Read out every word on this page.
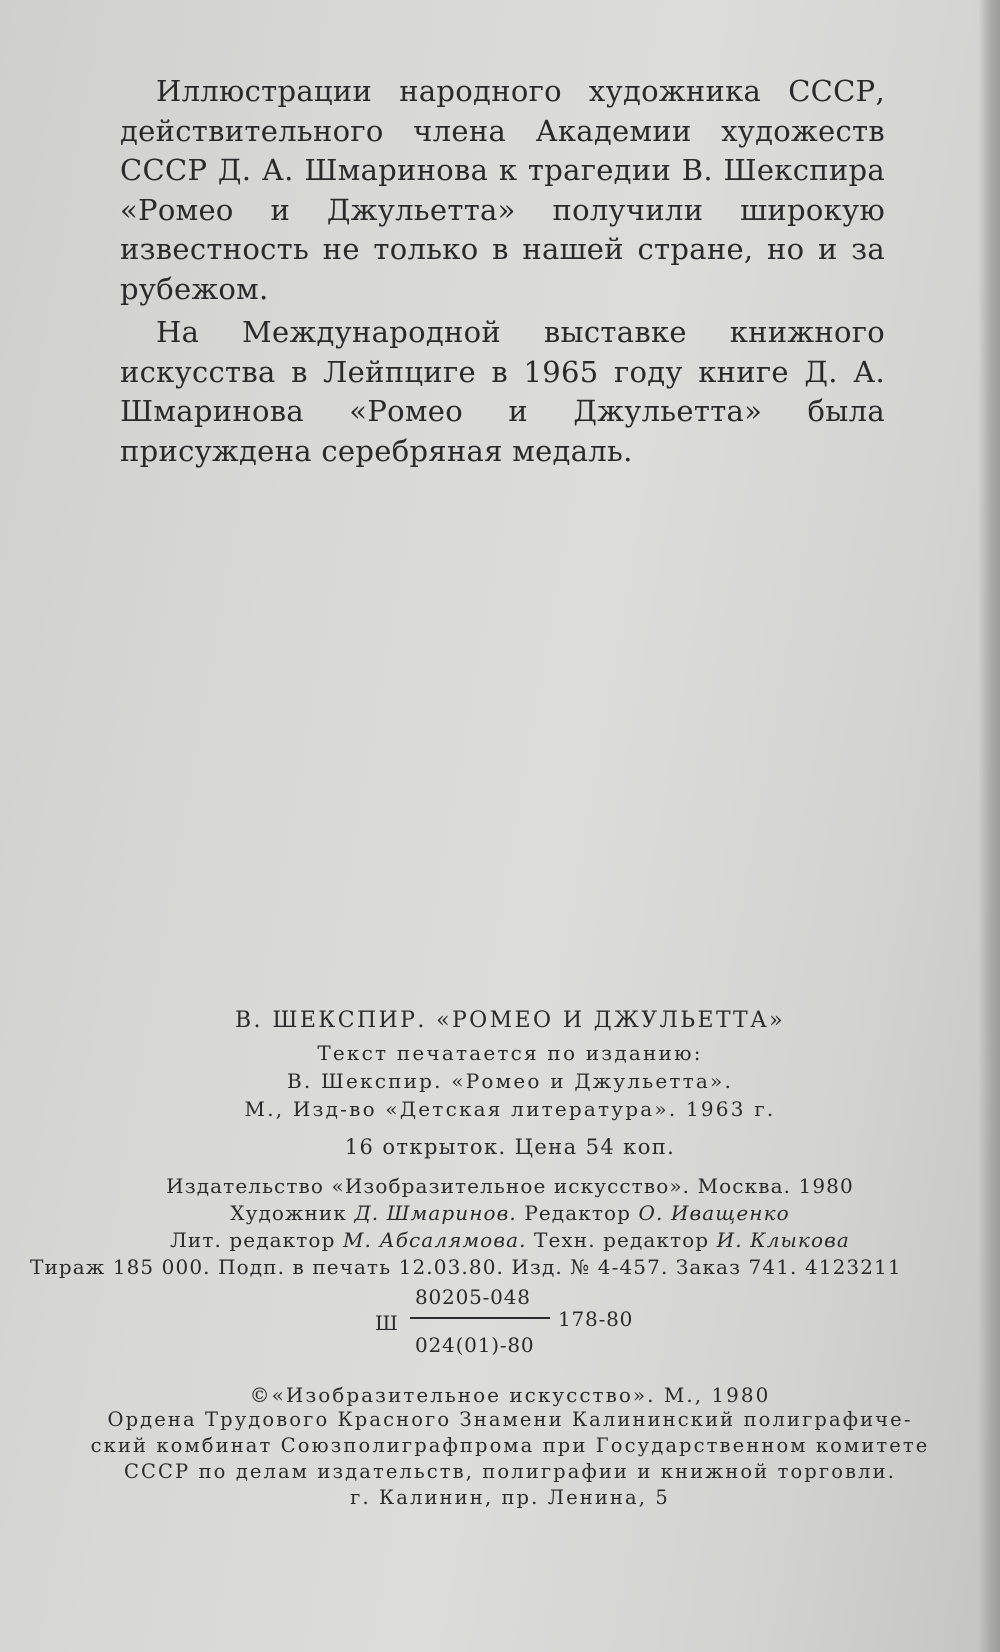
Иллюстрации народного художника СССР, действительного члена Академии художеств СССР Д. А. Шмаринова к трагедии В. Шекспира «Ромео и Джульетта» получили широкую известность не только в нашей стране, но и за рубежом.

На Международной выставке книжного искусства в Лейпциге в 1965 году книге Д. А. Шмаринова «Ромео и Джульетта» была присуждена серебряная медаль.

В. ШЕКСПИР. «РОМЕО И ДЖУЛЬЕТТА»
Текст печатается по изданию:
В. Шекспир. «Ромео и Джульетта».
М., Изд-во «Детская литература». 1963 г.
16 открыток. Цена 54 коп.
Издательство «Изобразительное искусство». Москва. 1980
Художник Д. Шмаринов. Редактор О. Иващенко
Лит. редактор М. Абсалямова. Техн. редактор И. Клыкова
Тираж 185 000. Подп. в печать 12.03.80. Изд. № 4-457. Заказ 741. 4123211
Ш
80205-048
178-80
024(01)-80
©«Изобразительное искусство». М., 1980
Ордена Трудового Красного Знамени Калининский полиграфиче-
ский комбинат Союзполиграфпрома при Государственном комитете
СССР по делам издательств, полиграфии и книжной торговли.
г. Калинин, пр. Ленина, 5
